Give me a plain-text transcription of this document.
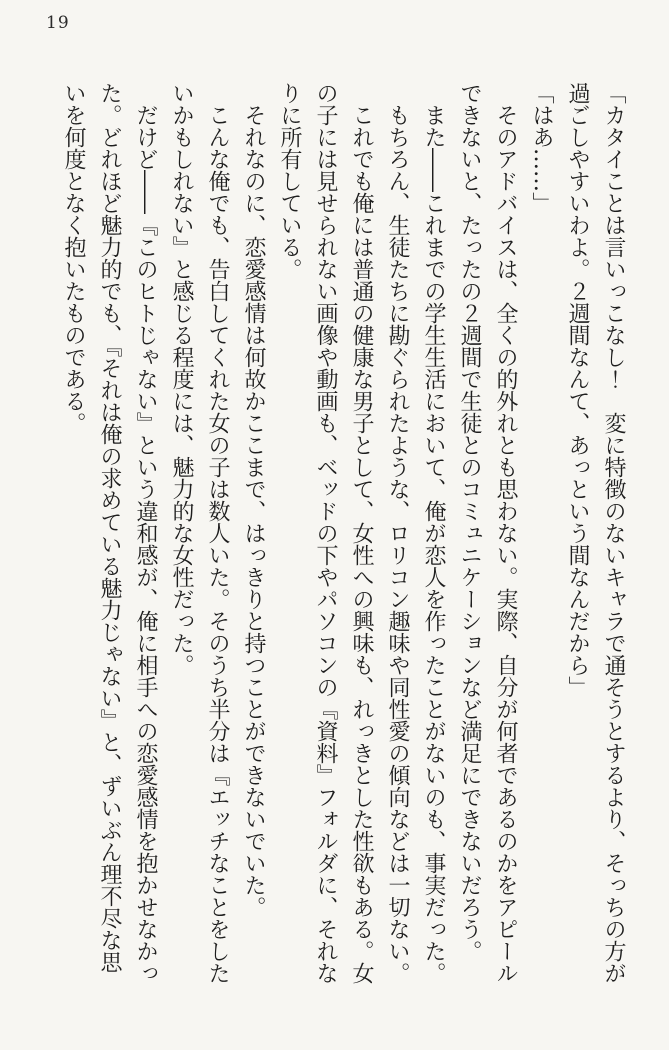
19

「カタイことは言いっこなし！　変に特徴のないキャラで通そうとするより、そっちの方が過ごしやすいわよ。２週間なんて、あっという間なんだから」

「はあ……」

そのアドバイスは、全くの的外れとも思わない。実際、自分が何者であるのかをアピールできないと、たったの２週間で生徒とのコミュニケーションなど満足にできないだろう。

また――これまでの学生生活において、俺が恋人を作ったことがないのも、事実だった。

もちろん、生徒たちに勘ぐられたような、ロリコン趣味や同性愛の傾向などは一切ない。

これでも俺には普通の健康な男子として、女性への興味も、れっきとした性欲もある。女の子には見せられない画像や動画も、ベッドの下やパソコンの『資料』フォルダに、それなりに所有している。

それなのに、恋愛感情は何故かここまで、はっきりと持つことができないでいた。

こんな俺でも、告白してくれた女の子は数人いた。そのうち半分は『エッチなことをしたいかもしれない』と感じる程度には、魅力的な女性だった。

だけど――『このヒトじゃない』という違和感が、俺に相手への恋愛感情を抱かせなかった。どれほど魅力的でも、『それは俺の求めている魅力じゃない』と、ずいぶん理不尽な思いを何度となく抱いたものである。
